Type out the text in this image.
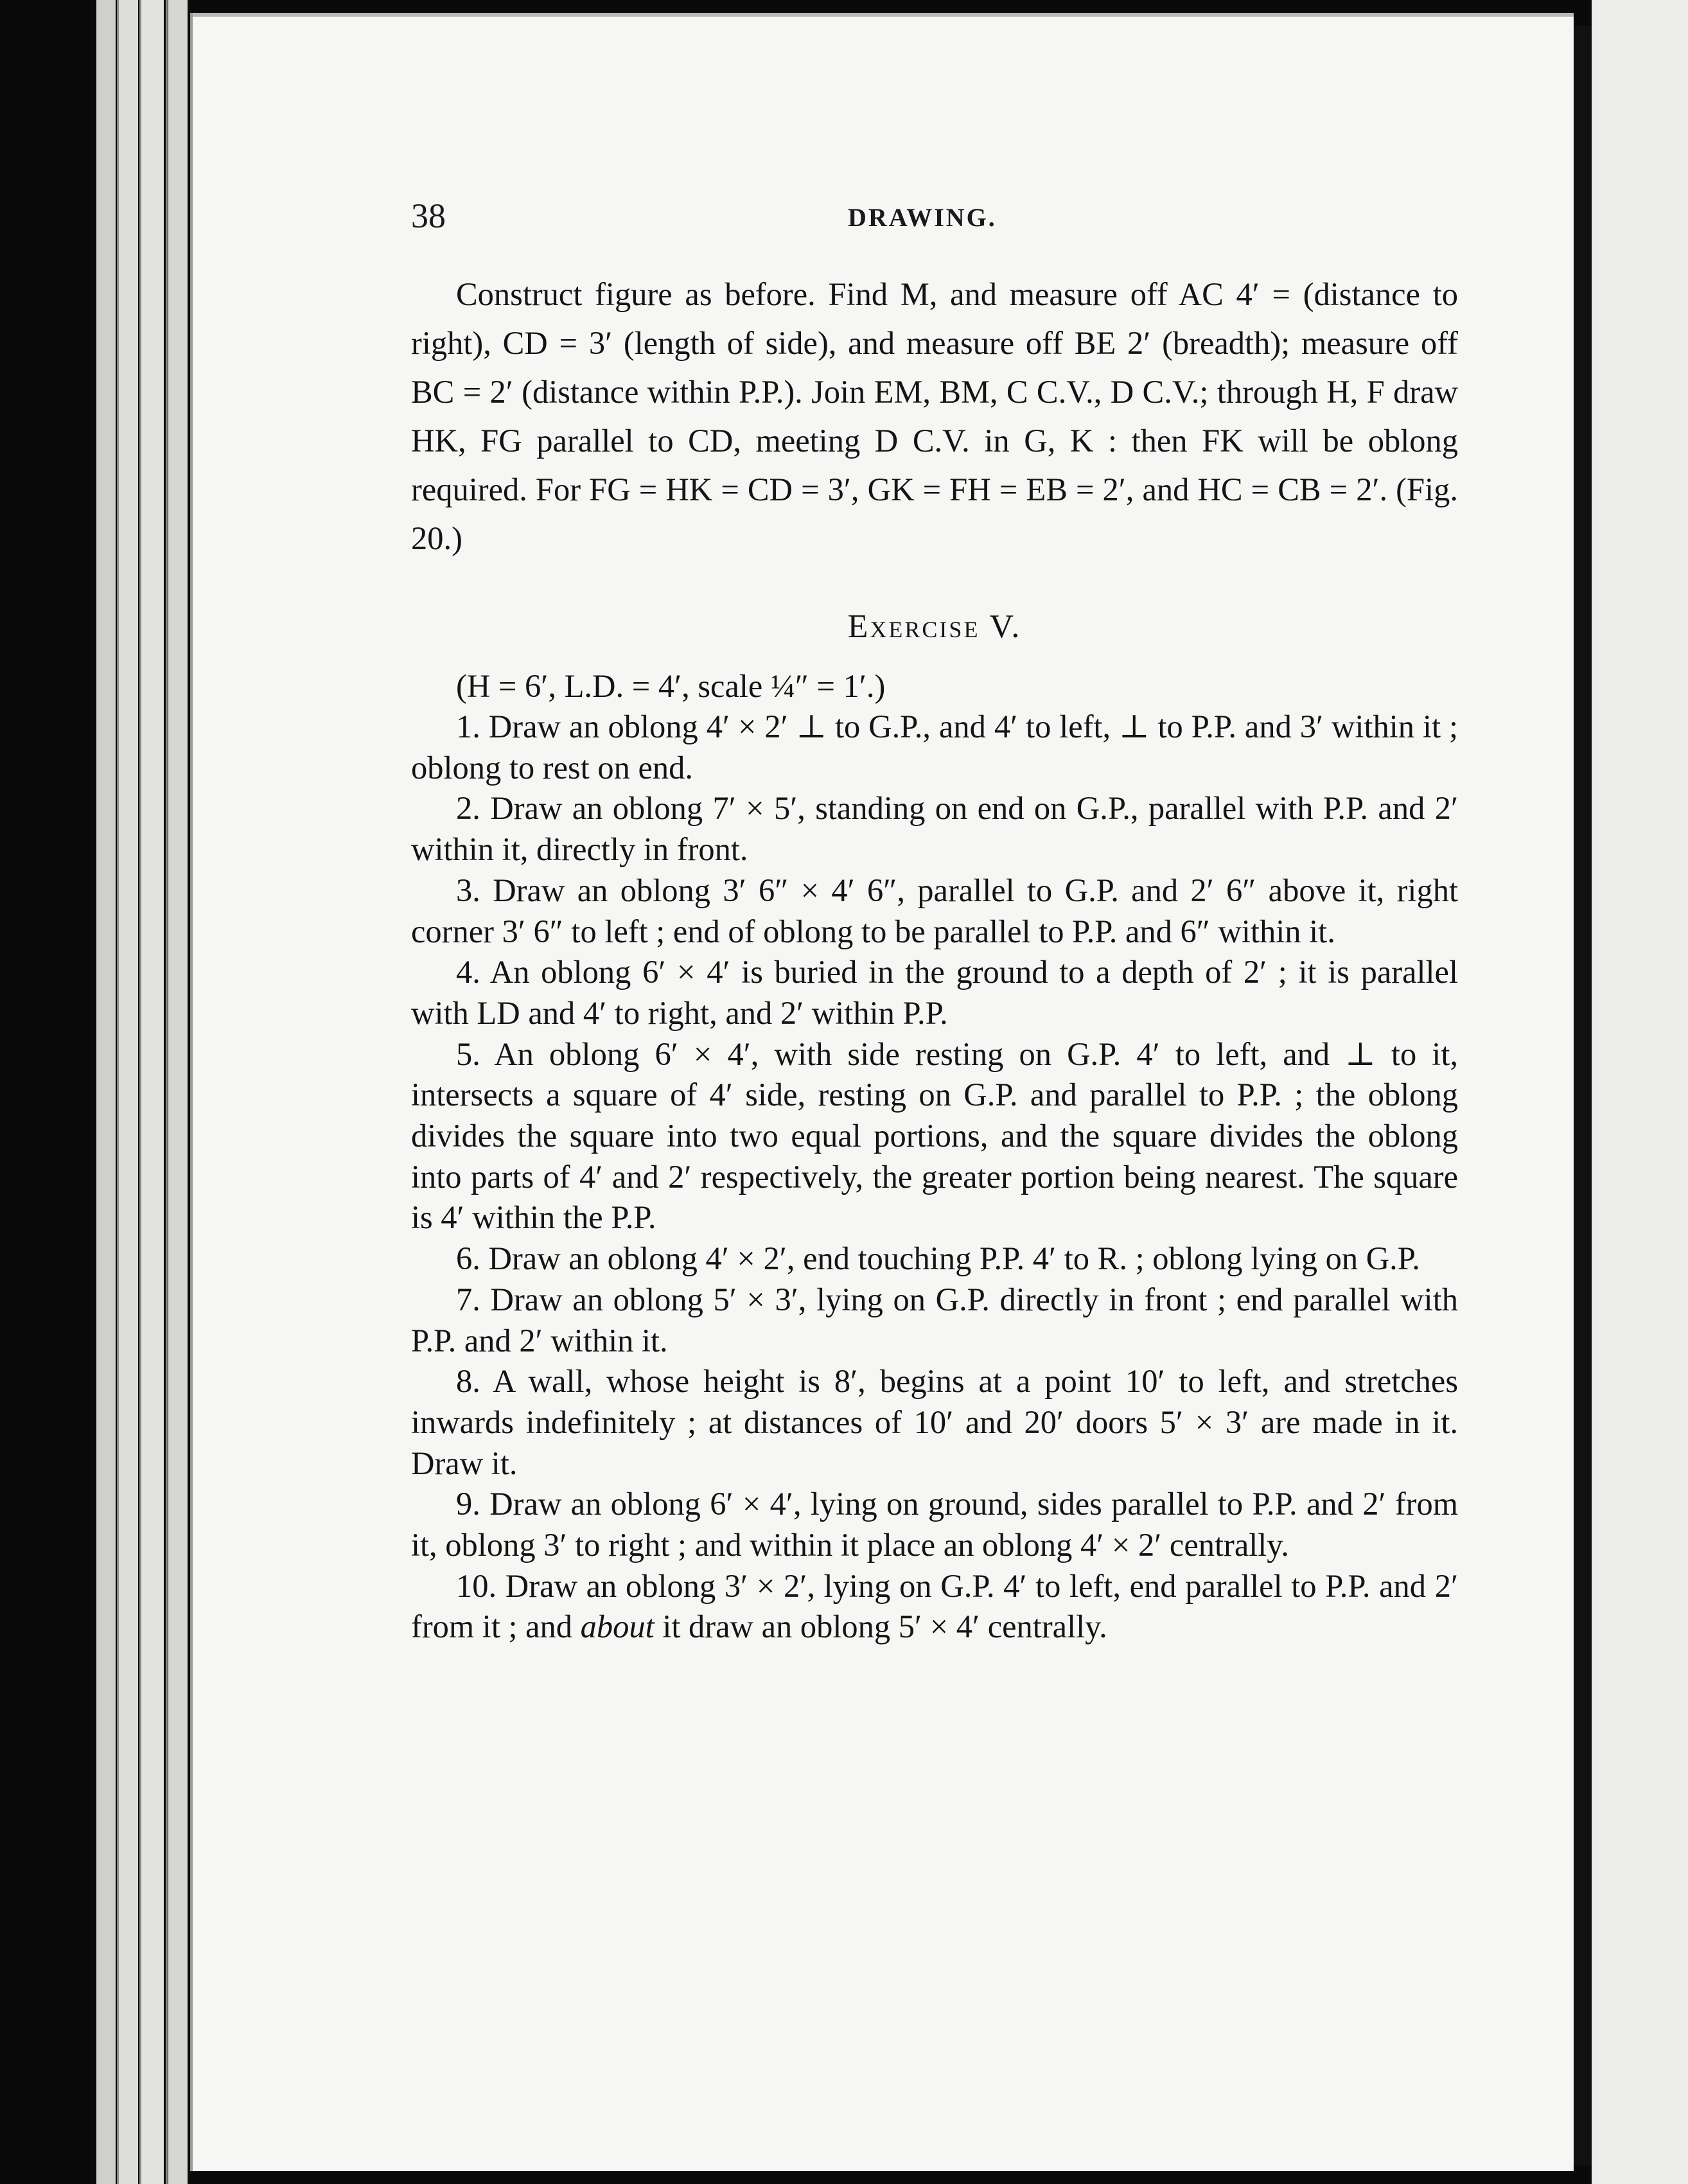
38	DRAWING.

Construct figure as before. Find M, and measure off AC 4′ = (distance to right), CD = 3′ (length of side), and measure off BE 2′ (breadth); measure off BC = 2′ (distance within P.P.). Join EM, BM, C C.V., D C.V.; through H, F draw HK, FG parallel to CD, meeting D C.V. in G, K : then FK will be oblong required. For FG = HK = CD = 3′, GK = FH = EB = 2′, and HC = CB = 2′. (Fig. 20.)

Exercise V.

(H = 6′, L.D. = 4′, scale ¼″ = 1′.)

1. Draw an oblong 4′ × 2′ ⊥ to G.P., and 4′ to left, ⊥ to P.P. and 3′ within it ; oblong to rest on end.

2. Draw an oblong 7′ × 5′, standing on end on G.P., parallel with P.P. and 2′ within it, directly in front.

3. Draw an oblong 3′ 6″ × 4′ 6″, parallel to G.P. and 2′ 6″ above it, right corner 3′ 6″ to left ; end of oblong to be parallel to P.P. and 6″ within it.

4. An oblong 6′ × 4′ is buried in the ground to a depth of 2′ ; it is parallel with LD and 4′ to right, and 2′ within P.P.

5. An oblong 6′ × 4′, with side resting on G.P. 4′ to left, and ⊥ to it, intersects a square of 4′ side, resting on G.P. and parallel to P.P. ; the oblong divides the square into two equal portions, and the square divides the oblong into parts of 4′ and 2′ respectively, the greater portion being nearest. The square is 4′ within the P.P.

6. Draw an oblong 4′ × 2′, end touching P.P. 4′ to R. ; oblong lying on G.P.

7. Draw an oblong 5′ × 3′, lying on G.P. directly in front ; end parallel with P.P. and 2′ within it.

8. A wall, whose height is 8′, begins at a point 10′ to left, and stretches inwards indefinitely ; at distances of 10′ and 20′ doors 5′ × 3′ are made in it. Draw it.

9. Draw an oblong 6′ × 4′, lying on ground, sides parallel to P.P. and 2′ from it, oblong 3′ to right ; and within it place an oblong 4′ × 2′ centrally.

10. Draw an oblong 3′ × 2′, lying on G.P. 4′ to left, end parallel to P.P. and 2′ from it ; and about it draw an oblong 5′ × 4′ centrally.
